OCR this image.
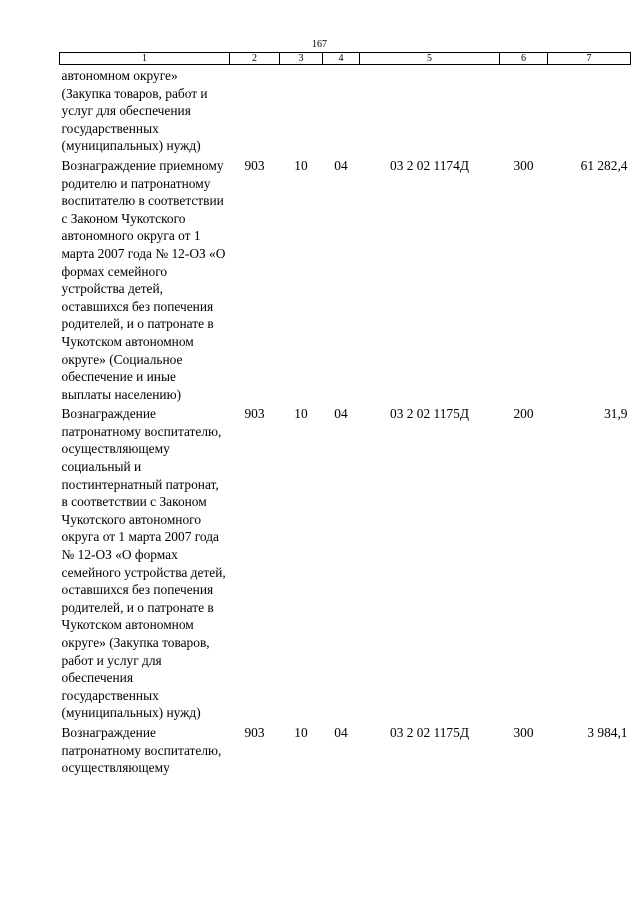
167
1	2	3	4	5	6	7
автономном округе» (Закупка товаров, работ и услуг для обеспечения государственных (муниципальных) нужд)						
Вознаграждение приемному родителю и патронатному воспитателю в соответствии с Законом Чукотского автономного округа от 1 марта 2007 года № 12-ОЗ «О формах семейного устройства детей, оставшихся без попечения родителей, и о патронате в Чукотском автономном округе» (Социальное обеспечение и иные выплаты населению)	903	10	04	03 2 02 1174Д	300	61 282,4
Вознаграждение патронатному воспитателю, осуществляющему социальный и постинтернатный патронат, в соответствии с Законом Чукотского автономного округа от 1 марта 2007 года № 12-ОЗ «О формах семейного устройства детей, оставшихся без попечения родителей, и о патронате в Чукотском автономном округе» (Закупка товаров, работ и услуг для обеспечения государственных (муниципальных) нужд)	903	10	04	03 2 02 1175Д	200	31,9
Вознаграждение патронатному воспитателю, осуществляющему	903	10	04	03 2 02 1175Д	300	3 984,1
